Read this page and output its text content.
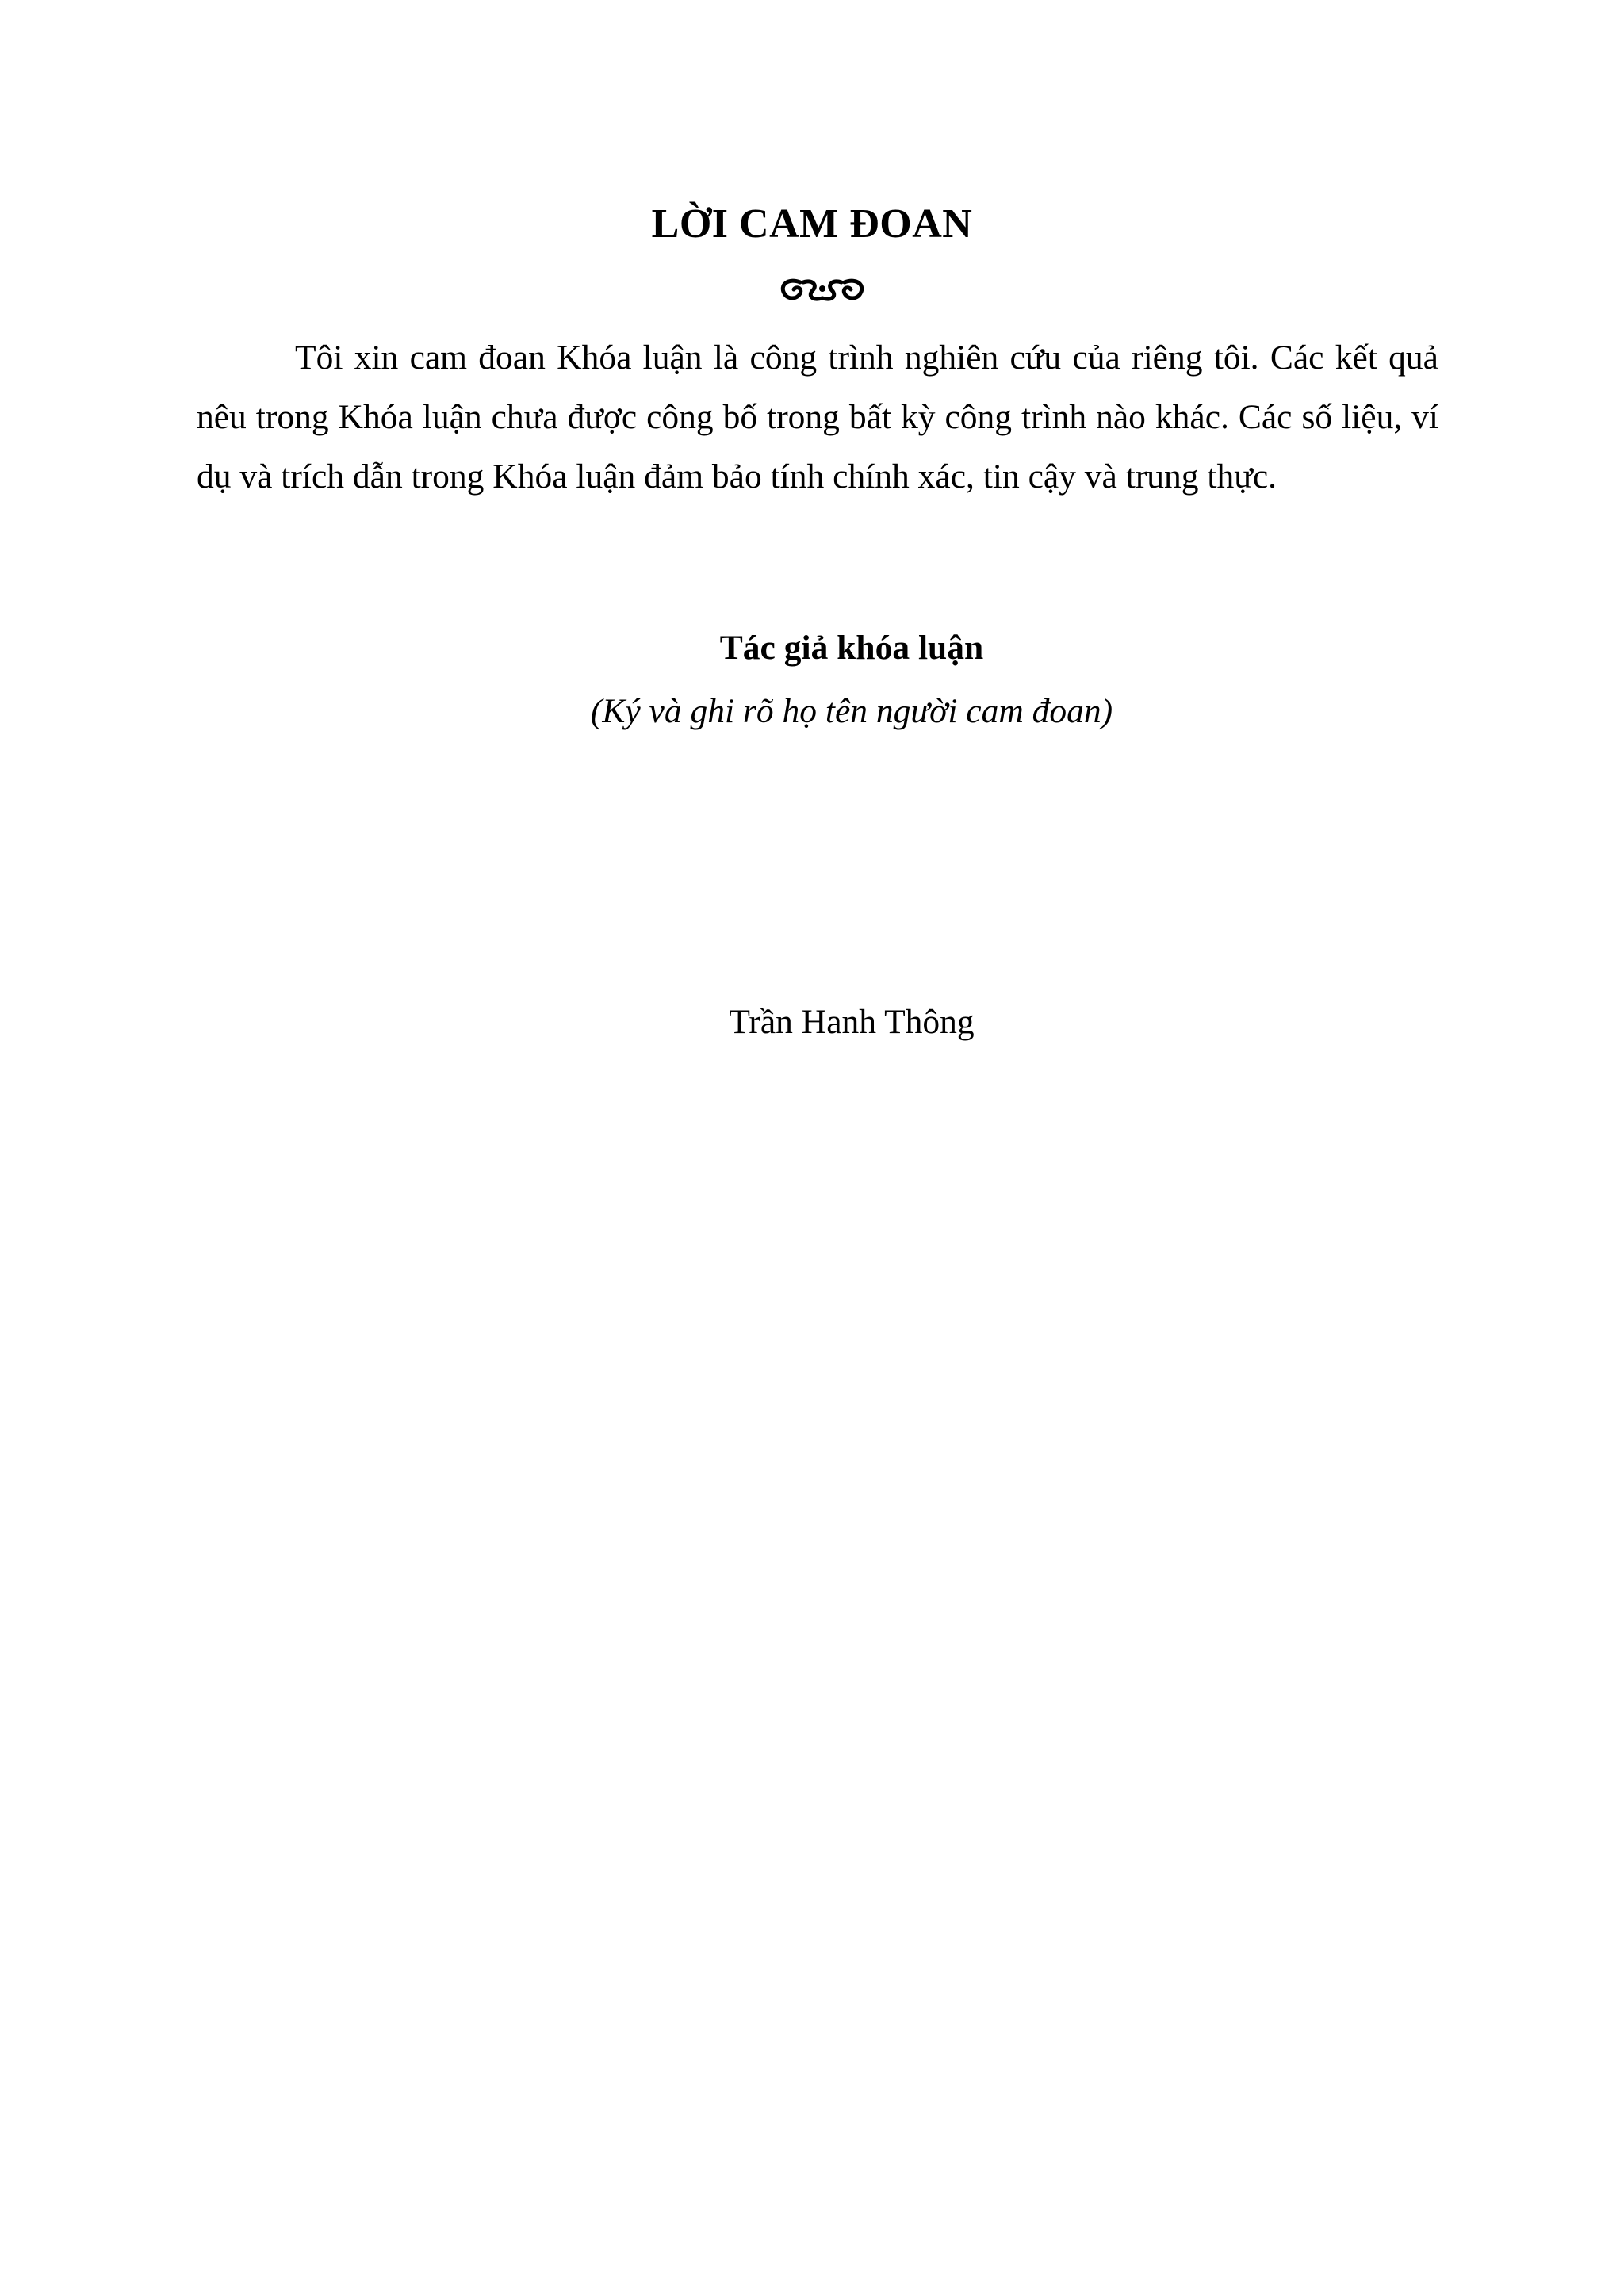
LỜI CAM ĐOAN

Tôi xin cam đoan Khóa luận là công trình nghiên cứu của riêng tôi. Các kết quả nêu trong Khóa luận chưa được công bố trong bất kỳ công trình nào khác. Các số liệu, ví dụ và trích dẫn trong Khóa luận đảm bảo tính chính xác, tin cậy và trung thực.

Tác giả khóa luận
(Ký và ghi rõ họ tên người cam đoan)
Trần Hanh Thông
